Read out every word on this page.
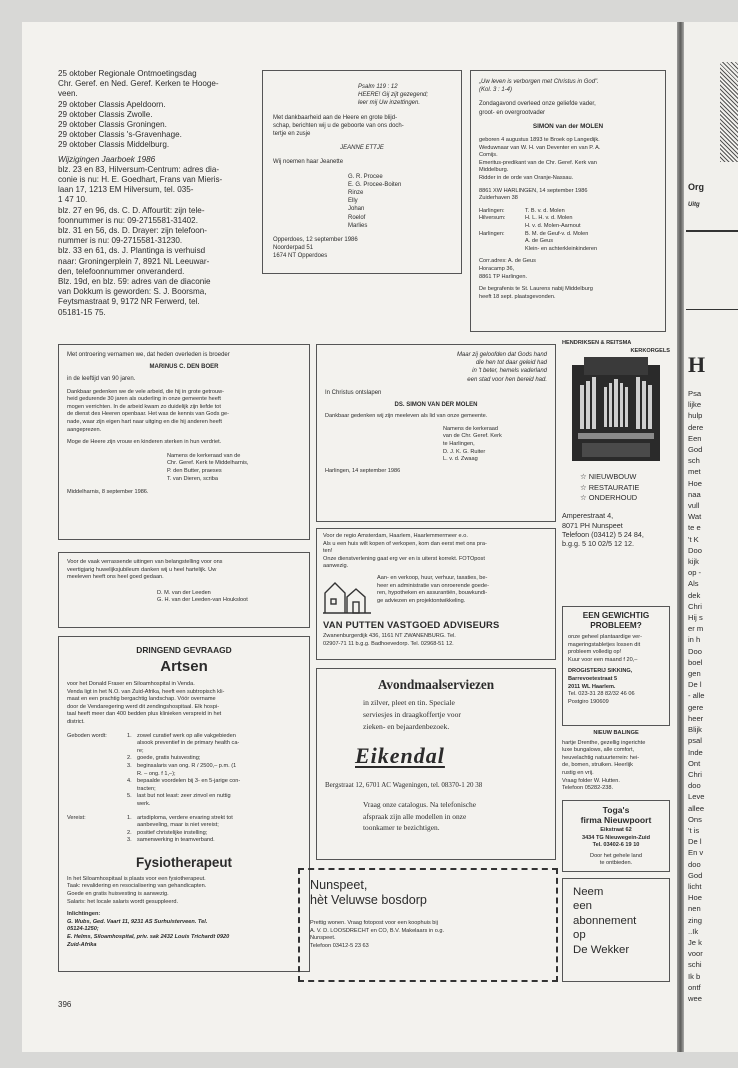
25 oktober Regionale Ontmoetingsdag
Chr. Geref. en Ned. Geref. Kerken te Hooge-
veen.
29 oktober Classis Apeldoorn.
29 oktober Classis Zwolle.
29 oktober Classis Groningen.
29 oktober Classis 's-Gravenhage.
29 oktober Classis Middelburg.
Wijzigingen Jaarboek 1986
blz. 23 en 83, Hilversum-Centrum: adres dia-
conie is nu: H. E. Goedhart, Frans van Mieris-
laan 17, 1213 EM Hilversum, tel. 035-
1 47 10.
blz. 27 en 96, ds. C. D. Affourtit: zijn tele-
foonnummer is nu: 09-2715581-31402.
blz. 31 en 56, ds. D. Drayer: zijn telefoon-
nummer is nu: 09-2715581-31230.
blz. 33 en 61, ds. J. Plantinga is verhuisd
naar: Groningerplein 7, 8921 NL Leeuwar-
den, telefoonnummer onveranderd.
Blz. 19d, en blz. 59: adres van de diaconie
van Dokkum is geworden: S. J. Boorsma,
Feytsmastraat 9, 9172 NR Ferwerd, tel.
05181-15 75.
Psalm 119 : 12
HEERE! Gij zijt gezegend;
leer mij Uw inzettingen.
Met dankbaarheid aan de Heere en grote blijd-
schap, berichten wij u de geboorte van ons doch-
tertje en zusje
JEANNE ETTJE
Wij noemen haar Jeanette
G. R. Procee
E. G. Procee-Boiten
Rinze
Elly
Johan
Roelof
Marlies
Opperdoes, 12 september 1986
Noorderpad 51
1674 NT Opperdoes
„Uw leven is verborgen met Christus in God".
(Kol. 3 : 1-4)
Zondagavond overleed onze geliefde vader,
groot- en overgrootvader
SIMON van der MOLEN
geboren 4 augustus 1893 te Broek op Langedijk.
Weduwnaar van W. H. van Deventer en van P. A.
Comijs.
Emeritus-predikant van de Chr. Geref. Kerk van
Middelburg.
Ridder in de orde van Oranje-Nassau.
8861 XW HARLINGEN, 14 september 1986
Zuiderhaven 38
Harlingen:	T. B. v. d. Molen
Hilversum:	H. L. H. v. d. Molen
H. v. d. Molen-Aarnout
Harlingen:	B. M. de Geuf-v. d. Molen
A. de Geus
Klein- en achterkleinkinderen
Corr.adres: A. de Geus
Horacamp 36,
8861 TP Harlingen.
De begrafenis te St. Laurens nabij Middelburg
heeft 18 sept. plaatsgevonden.
Met ontroering vernamen we, dat heden overleden is broeder
MARINUS C. DEN BOER
in de leeftijd van 90 jaren.
Dankbaar gedenken we de vele arbeid, die hij in grote getrouw-
heid gedurende 30 jaren als ouderling in onze gemeente heeft
mogen verrichten. In de arbeid kwam zo duidelijk zijn liefde tot
de dienst des Heeren openbaar. Het was de kennis van Gods ge-
nade, waar zijn eigen hart naar uitging en die hij anderen heeft
aangeprezen.
Moge de Heere zijn vrouw en kinderen sterken in hun verdriet.
Namens de kerkeraad van de
Chr. Geref. Kerk te Middelharnis,
P. den Butter, praeses
T. van Dieren, scriba
Middelharnis, 8 september 1986.
Maar zij geloofden dat Gods hand
die hen tot daar geleid had
in 't beter, hemels vaderland
een stad voor hen bereid had.
In Christus ontslapen
DS. SIMON VAN DER MOLEN
Dankbaar gedenken wij zijn meeleven als lid van onze gemeente.
Namens de kerkeraad
van de Chr. Geref. Kerk
te Harlingen,
D. J. K. G. Ruiter
L. v. d. Zwaag
Harlingen, 14 september 1986
HENDRIKSEN & REITSMA
KERKORGELS
☆ NIEUWBOUW
☆ RESTAURATIE
☆ ONDERHOUD
Amperestraat 4,
8071 PH Nunspeet
Telefoon (03412) 5 24 84,
b.g.g. 5 10 02/5 12 12.
Voor de vaak verrassende uitingen van belangstelling voor ons
veertigjarig huwelijksjubileum danken wij u heel hartelijk. Uw
meeleven heeft ons heel goed gedaan.
D. M. van der Leeden
G. H. van der Leeden-van Houksloot
Voor de regio Amsterdam, Haarlem, Haarlemmermeer e.o.
Als u een huis wilt kopen of verkopen, kom dan eerst met ons pra-
ten!
Onze dienstverlening gaat erg ver en is uiterst korrekt. FOTOpost
aanwezig.
Aan- en verkoop, huur, verhuur, taxaties, be-
heer en administratie van onroerende goede-
ren, hypotheken en assurantiën, bouwkundi-
ge adviezen en projektontwikkeling.
VAN PUTTEN VASTGOED ADVISEURS
Zwanenburgerdijk 436, 1161 NT ZWANENBURG. Tel.
02907-71 11 b.g.g. Badhoevedorp. Tel. 02968-51 12.
EEN GEWICHTIG
PROBLEEM?
onze geheel plantaardige ver-
mageringstabletjes lossen dit
probleem volledig op!
Kuur voor een maand f 20,–
DROGISTERIJ SIKKING,
Barrevoetestraat 5
2011 WL Haarlem.
Tel. 023-31 28 82/32 46 06
Postgiro 190609
DRINGEND GEVRAAGD
Artsen
voor het Donald Fraser en Siloamhospital in Venda.
Venda ligt in het N.O. van Zuid-Afrika, heeft een subtropisch kli-
maat en een prachtig bergachtig landschap. Vóór overname
door de Vendaregering werd dit zendingshospitaal. Elk hospi-
taal heeft meer dan 400 bedden plus klinieken verspreid in het
district.
Geboden wordt:	1. zowel curatief werk op alle vakgebieden
alsook preventief in de primary health ca-
re;
2. goede, gratis huisvesting;
3. beginsalaris van ong. R / 2500,– p.m. (1
R. – ong. f 1,–);
4. bepaalde voordelen bij 3- en 5-jarige con-
tracten;
5. last but not least: zeer zinvol en nuttig
werk.
Vereist:	1. artsdiploma, verdere ervaring strekt tot
aanbeveling, maar is niet vereist;
2. positief christelijke instelling;
3. samenwerking in teamverband.
Fysiotherapeut
In het Siloamhospitaal is plaats voor een fysiotherapeut.
Taak: revalidering en resocialisering van gehandicapten.
Goede en gratis huisvesting is aanwezig.
Salaris: het locale salaris wordt gesuppleerd.
Inlichtingen:
G. Wubs, Ged. Vaart 11, 9231 AS Surhuisterveen. Tel.
05124-1250;
E. Helms, Siloamhospital, priv. sak 2432 Louis Trichardt 0920
Zuid-Afrika
Avondmaalserviezen
in zilver, pleet en tin. Speciale
serviesjes in draagkoffertje voor
zieken- en bejaardenbezoek.
Eikendal
Bergstraat 12, 6701 AC Wageningen, tel. 08370-1 20 38
Vraag onze catalogus. Na telefonische
afspraak zijn alle modellen in onze
toonkamer te bezichtigen.
NIEUW BALINGE
hartje Drenthe, gezellig ingerichte
luxe bungalows, alle comfort,
heuvelachtig natuurterrein: hei-
de, bomen, struiken. Heerlijk
rustig en vrij.
Vraag folder W. Hutten.
Telefoon 05282-238.
Toga's
firma Nieuwpoort
Eikstraat 62
3434 TG Nieuwegein-Zuid
Tel. 03402-6 19 10
Door het gehele land
te ontbieden.
Nunspeet,
hèt Veluwse bosdorp
Prettig wonen. Vraag fotopost voor een koophuis bij
A. V. D. LOOSDRECHT en CO, B.V. Makelaars in o.g.
Nunspeet.
Telefoon 03412-5 23 63
Neem
een
abonnement
op
De Wekker
396
Org
Uitg
H
Psa
lijke
hulp
dere
Een
God
sch
met
Hoe
naa
vull
Wat
te e
't K
Doo
kijk
op -
Als
dek
Chri
Hij s
er m
in h
Doo
boel
gen
De l
- alle
gere
heer
Blijk
psal
Inde
Ont
Chri
doo
Leve
allee
Ons
't is
De l
En v
doo
God
licht
Hoe
nen
zing
..Ik
Je k
voor
schi
Ik b
ontf
wee
